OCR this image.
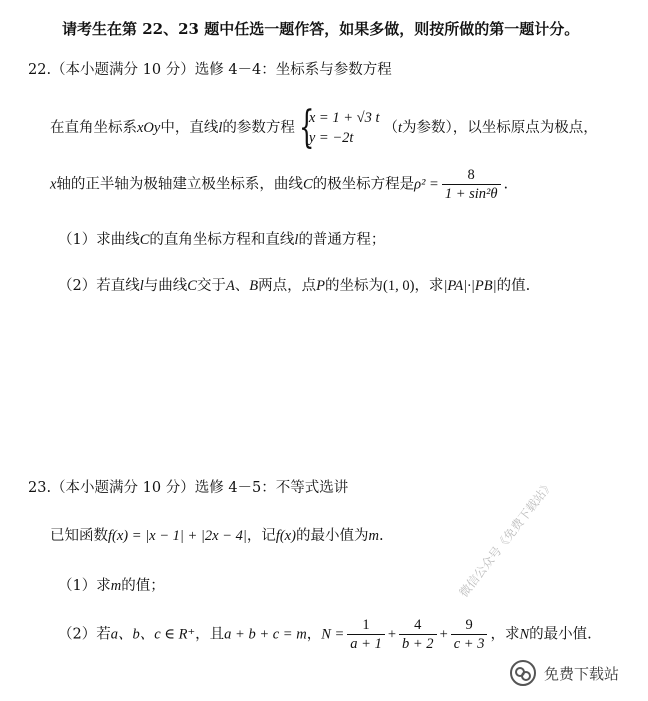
请考生在第 22、23 题中任选一题作答，如果多做，则按所做的第一题计分。
22.（本小题满分 10 分）选修 4－4：坐标系与参数方程
在直角坐标系xOy中，直线l的参数方程 {
x = 1 + √3 t
y = −2t
（t为参数），以坐标原点为极点，
x轴的正半轴为极轴建立极坐标系，曲线C的极坐标方程是$\rho^2 = \frac{8}{\text{1 + sin²θ}}$ .
（1）求曲线C的直角坐标方程和直线l的普通方程；
（2）若直线l与曲线C交于A、B两点，点P的坐标为(1, 0)，求|PA|·|PB|的值.
23.（本小题满分 10 分）选修 4－5：不等式选讲
已知函数f(x) = |x − 1| + |2x − 4|，记f(x)的最小值为m.
（1）求m的值；
（2）若a、b、c ∈ R⁺，且a + b + c = m，$N = \frac{1}{a + 1} + \frac{4}{b + 2} + \frac{9}{c + 3}$ ，求N的最小值.
微信公众号《免费下载站》
免费下载站
